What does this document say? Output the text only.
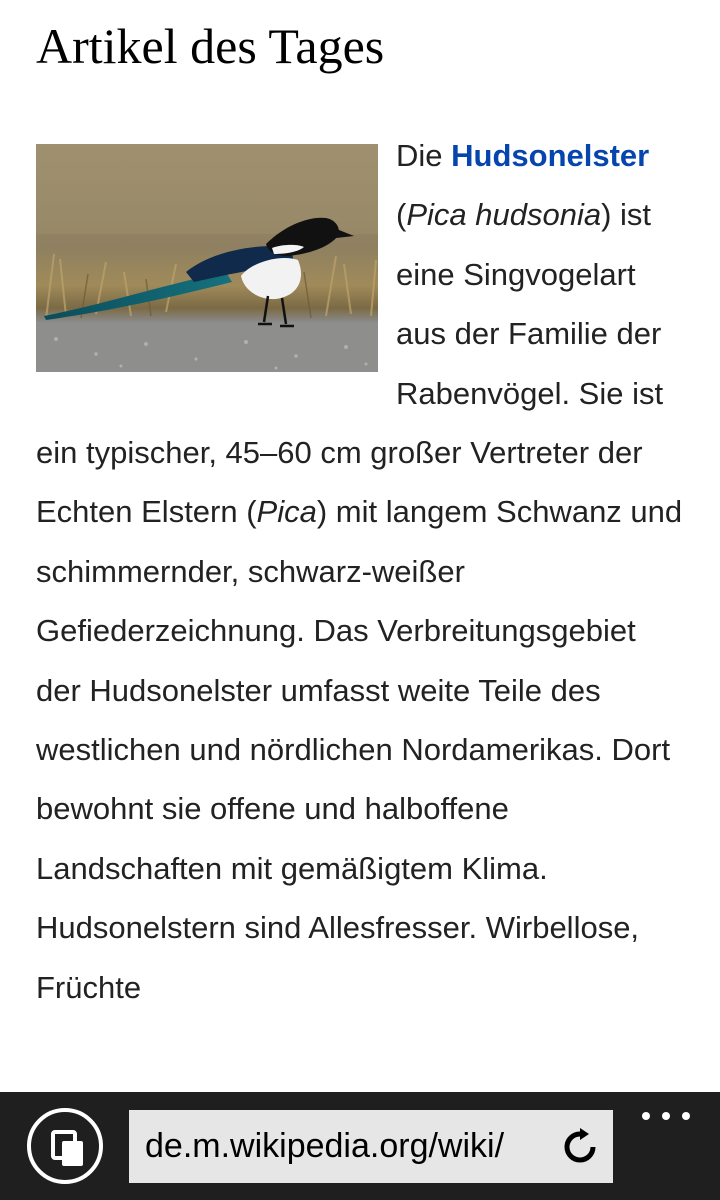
Artikel des Tages

Die Hudsonelster (Pica hudsonia) ist eine Singvogelart aus der Familie der Rabenvögel. Sie ist ein typischer, 45–60 cm großer Vertreter der Echten Elstern (Pica) mit langem Schwanz und schimmernder, schwarz‑weißer Gefiederzeichnung. Das Verbreitungsgebiet der Hudsonelster umfasst weite Teile des westlichen und nördlichen Nordamerikas. Dort bewohnt sie offene und halboffene Landschaften mit gemäßigtem Klima. Hudsonelstern sind Allesfresser. Wirbellose, Früchte

de.m.wikipedia.org/wiki/
